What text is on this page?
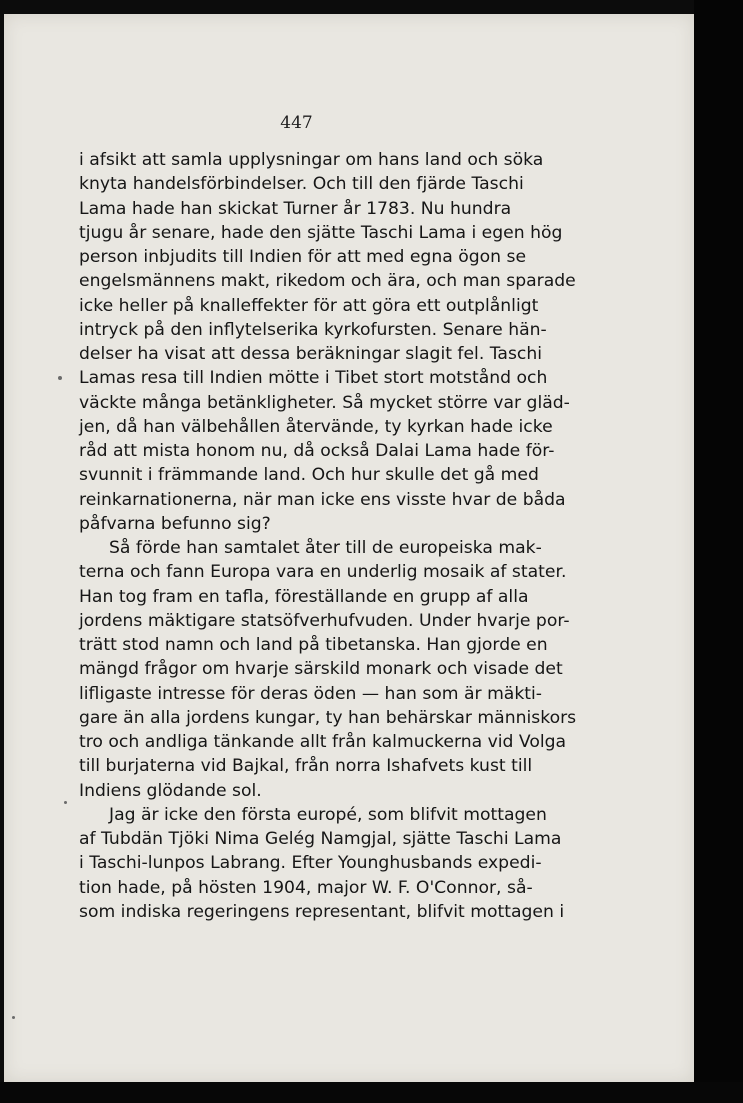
447

i afsikt att samla upplysningar om hans land och söka
knyta handelsförbindelser. Och till den fjärde Taschi
Lama hade han skickat Turner år 1783. Nu hundra
tjugu år senare, hade den sjätte Taschi Lama i egen hög
person inbjudits till Indien för att med egna ögon se
engelsmännens makt, rikedom och ära, och man sparade
icke heller på knalleffekter för att göra ett outplånligt
intryck på den inflytelserika kyrkofursten. Senare hän-
delser ha visat att dessa beräkningar slagit fel. Taschi
Lamas resa till Indien mötte i Tibet stort motstånd och
väckte många betänkligheter. Så mycket större var gläd-
jen, då han välbehållen återvände, ty kyrkan hade icke
råd att mista honom nu, då också Dalai Lama hade för-
svunnit i främmande land. Och hur skulle det gå med
reinkarnationerna, när man icke ens visste hvar de båda
påfvarna befunno sig?
Så förde han samtalet åter till de europeiska mak-
terna och fann Europa vara en underlig mosaik af stater.
Han tog fram en tafla, föreställande en grupp af alla
jordens mäktigare statsöfverhufvuden. Under hvarje por-
trätt stod namn och land på tibetanska. Han gjorde en
mängd frågor om hvarje särskild monark och visade det
lifligaste intresse för deras öden — han som är mäkti-
gare än alla jordens kungar, ty han behärskar människors
tro och andliga tänkande allt från kalmuckerna vid Volga
till burjaterna vid Bajkal, från norra Ishafvets kust till
Indiens glödande sol.
Jag är icke den första europé, som blifvit mottagen
af Tubdän Tjöki Nima Gelég Namgjal, sjätte Taschi Lama
i Taschi-lunpos Labrang. Efter Younghusbands expedi-
tion hade, på hösten 1904, major W. F. O'Connor, så-
som indiska regeringens representant, blifvit mottagen i
